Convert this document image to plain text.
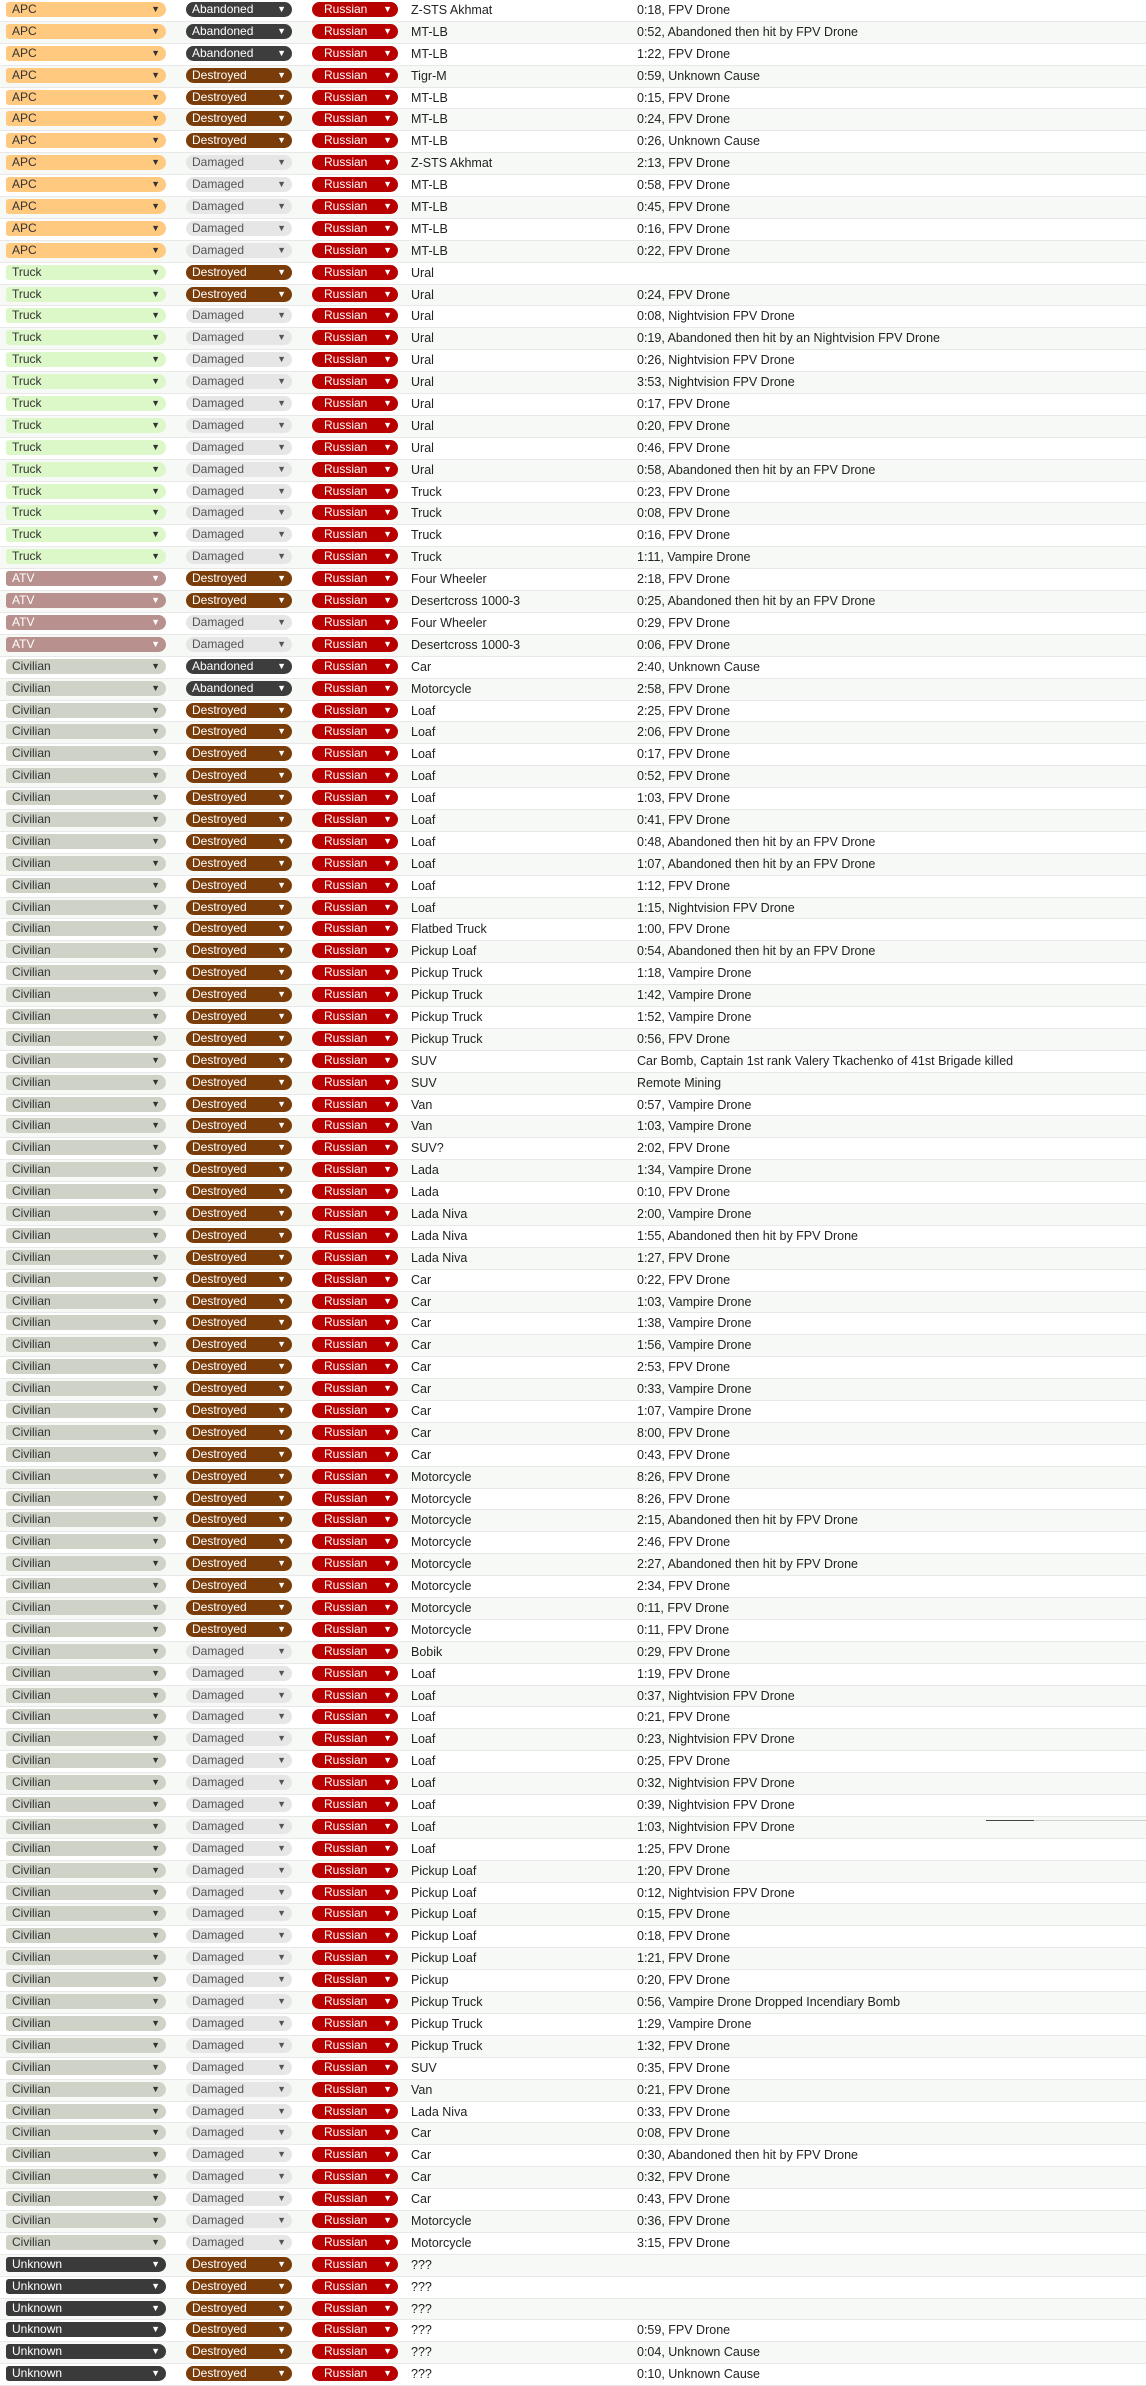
APC	▼	Abandoned	▼	Russian ▼ Z-STS Akhmat	0:18, FPV Drone
APC	▼	Abandoned	▼	Russian ▼ MT-LB	0:52, Abandoned then hit by FPV Drone
APC	▼	Abandoned	▼	Russian ▼ MT-LB	1:22, FPV Drone
APC	▼	Destroyed	▼	Russian ▼ Tigr-M	0:59, Unknown Cause
APC	▼	Destroyed	▼	Russian ▼ MT-LB	0:15, FPV Drone
APC	▼	Destroyed	▼	Russian ▼ MT-LB	0:24, FPV Drone
APC	▼	Destroyed	▼	Russian ▼ MT-LB	0:26, Unknown Cause
APC	▼	Damaged	▼	Russian ▼ Z-STS Akhmat	2:13, FPV Drone
APC	▼	Damaged	▼	Russian ▼ MT-LB	0:58, FPV Drone
APC	▼	Damaged	▼	Russian ▼ MT-LB	0:45, FPV Drone
APC	▼	Damaged	▼	Russian ▼ MT-LB	0:16, FPV Drone
APC	▼	Damaged	▼	Russian ▼ MT-LB	0:22, FPV Drone
Truck	▼	Destroyed	▼	Russian ▼ Ural
Truck	▼	Destroyed	▼	Russian ▼ Ural	0:24, FPV Drone
Truck	▼	Damaged	▼	Russian ▼ Ural	0:08, Nightvision FPV Drone
Truck	▼	Damaged	▼	Russian ▼ Ural	0:19, Abandoned then hit by an Nightvision FPV Drone
Truck	▼	Damaged	▼	Russian ▼ Ural	0:26, Nightvision FPV Drone
Truck	▼	Damaged	▼	Russian ▼ Ural	3:53, Nightvision FPV Drone
Truck	▼	Damaged	▼	Russian ▼ Ural	0:17, FPV Drone
Truck	▼	Damaged	▼	Russian ▼ Ural	0:20, FPV Drone
Truck	▼	Damaged	▼	Russian ▼ Ural	0:46, FPV Drone
Truck	▼	Damaged	▼	Russian ▼ Ural	0:58, Abandoned then hit by an FPV Drone
Truck	▼	Damaged	▼	Russian ▼ Truck	0:23, FPV Drone
Truck	▼	Damaged	▼	Russian ▼ Truck	0:08, FPV Drone
Truck	▼	Damaged	▼	Russian ▼ Truck	0:16, FPV Drone
Truck	▼	Damaged	▼	Russian ▼ Truck	1:11, Vampire Drone
ATV	▼	Destroyed	▼	Russian ▼ Four Wheeler	2:18, FPV Drone
ATV	▼	Destroyed	▼	Russian ▼ Desertcross 1000-3	0:25, Abandoned then hit by an FPV Drone
ATV	▼	Damaged	▼	Russian ▼ Four Wheeler	0:29, FPV Drone
ATV	▼	Damaged	▼	Russian ▼ Desertcross 1000-3	0:06, FPV Drone
Civilian	▼	Abandoned	▼	Russian ▼ Car	2:40, Unknown Cause
Civilian	▼	Abandoned	▼	Russian ▼ Motorcycle	2:58, FPV Drone
Civilian	▼	Destroyed	▼	Russian ▼ Loaf	2:25, FPV Drone
Civilian	▼	Destroyed	▼	Russian ▼ Loaf	2:06, FPV Drone
Civilian	▼	Destroyed	▼	Russian ▼ Loaf	0:17, FPV Drone
Civilian	▼	Destroyed	▼	Russian ▼ Loaf	0:52, FPV Drone
Civilian	▼	Destroyed	▼	Russian ▼ Loaf	1:03, FPV Drone
Civilian	▼	Destroyed	▼	Russian ▼ Loaf	0:41, FPV Drone
Civilian	▼	Destroyed	▼	Russian ▼ Loaf	0:48, Abandoned then hit by an FPV Drone
Civilian	▼	Destroyed	▼	Russian ▼ Loaf	1:07, Abandoned then hit by an FPV Drone
Civilian	▼	Destroyed	▼	Russian ▼ Loaf	1:12, FPV Drone
Civilian	▼	Destroyed	▼	Russian ▼ Loaf	1:15, Nightvision FPV Drone
Civilian	▼	Destroyed	▼	Russian ▼ Flatbed Truck	1:00, FPV Drone
Civilian	▼	Destroyed	▼	Russian ▼ Pickup Loaf	0:54, Abandoned then hit by an FPV Drone
Civilian	▼	Destroyed	▼	Russian ▼ Pickup Truck	1:18, Vampire Drone
Civilian	▼	Destroyed	▼	Russian ▼ Pickup Truck	1:42, Vampire Drone
Civilian	▼	Destroyed	▼	Russian ▼ Pickup Truck	1:52, Vampire Drone
Civilian	▼	Destroyed	▼	Russian ▼ Pickup Truck	0:56, FPV Drone
Civilian	▼	Destroyed	▼	Russian ▼ SUV	Car Bomb, Captain 1st rank Valery Tkachenko of 41st Brigade killed
Civilian	▼	Destroyed	▼	Russian ▼ SUV	Remote Mining
Civilian	▼	Destroyed	▼	Russian ▼ Van	0:57, Vampire Drone
Civilian	▼	Destroyed	▼	Russian ▼ Van	1:03, Vampire Drone
Civilian	▼	Destroyed	▼	Russian ▼ SUV?	2:02, FPV Drone
Civilian	▼	Destroyed	▼	Russian ▼ Lada	1:34, Vampire Drone
Civilian	▼	Destroyed	▼	Russian ▼ Lada	0:10, FPV Drone
Civilian	▼	Destroyed	▼	Russian ▼ Lada Niva	2:00, Vampire Drone
Civilian	▼	Destroyed	▼	Russian ▼ Lada Niva	1:55, Abandoned then hit by FPV Drone
Civilian	▼	Destroyed	▼	Russian ▼ Lada Niva	1:27, FPV Drone
Civilian	▼	Destroyed	▼	Russian ▼ Car	0:22, FPV Drone
Civilian	▼	Destroyed	▼	Russian ▼ Car	1:03, Vampire Drone
Civilian	▼	Destroyed	▼	Russian ▼ Car	1:38, Vampire Drone
Civilian	▼	Destroyed	▼	Russian ▼ Car	1:56, Vampire Drone
Civilian	▼	Destroyed	▼	Russian ▼ Car	2:53, FPV Drone
Civilian	▼	Destroyed	▼	Russian ▼ Car	0:33, Vampire Drone
Civilian	▼	Destroyed	▼	Russian ▼ Car	1:07, Vampire Drone
Civilian	▼	Destroyed	▼	Russian ▼ Car	8:00, FPV Drone
Civilian	▼	Destroyed	▼	Russian ▼ Car	0:43, FPV Drone
Civilian	▼	Destroyed	▼	Russian ▼ Motorcycle	8:26, FPV Drone
Civilian	▼	Destroyed	▼	Russian ▼ Motorcycle	8:26, FPV Drone
Civilian	▼	Destroyed	▼	Russian ▼ Motorcycle	2:15, Abandoned then hit by FPV Drone
Civilian	▼	Destroyed	▼	Russian ▼ Motorcycle	2:46, FPV Drone
Civilian	▼	Destroyed	▼	Russian ▼ Motorcycle	2:27, Abandoned then hit by FPV Drone
Civilian	▼	Destroyed	▼	Russian ▼ Motorcycle	2:34, FPV Drone
Civilian	▼	Destroyed	▼	Russian ▼ Motorcycle	0:11, FPV Drone
Civilian	▼	Destroyed	▼	Russian ▼ Motorcycle	0:11, FPV Drone
Civilian	▼	Damaged	▼	Russian ▼ Bobik	0:29, FPV Drone
Civilian	▼	Damaged	▼	Russian ▼ Loaf	1:19, FPV Drone
Civilian	▼	Damaged	▼	Russian ▼ Loaf	0:37, Nightvision FPV Drone
Civilian	▼	Damaged	▼	Russian ▼ Loaf	0:21, FPV Drone
Civilian	▼	Damaged	▼	Russian ▼ Loaf	0:23, Nightvision FPV Drone
Civilian	▼	Damaged	▼	Russian ▼ Loaf	0:25, FPV Drone
Civilian	▼	Damaged	▼	Russian ▼ Loaf	0:32, Nightvision FPV Drone
Civilian	▼	Damaged	▼	Russian ▼ Loaf	0:39, Nightvision FPV Drone
Civilian	▼	Damaged	▼	Russian ▼ Loaf	1:03, Nightvision FPV Drone
Civilian	▼	Damaged	▼	Russian ▼ Loaf	1:25, FPV Drone
Civilian	▼	Damaged	▼	Russian ▼ Pickup Loaf	1:20, FPV Drone
Civilian	▼	Damaged	▼	Russian ▼ Pickup Loaf	0:12, Nightvision FPV Drone
Civilian	▼	Damaged	▼	Russian ▼ Pickup Loaf	0:15, FPV Drone
Civilian	▼	Damaged	▼	Russian ▼ Pickup Loaf	0:18, FPV Drone
Civilian	▼	Damaged	▼	Russian ▼ Pickup Loaf	1:21, FPV Drone
Civilian	▼	Damaged	▼	Russian ▼ Pickup	0:20, FPV Drone
Civilian	▼	Damaged	▼	Russian ▼ Pickup Truck	0:56, Vampire Drone Dropped Incendiary Bomb
Civilian	▼	Damaged	▼	Russian ▼ Pickup Truck	1:29, Vampire Drone
Civilian	▼	Damaged	▼	Russian ▼ Pickup Truck	1:32, FPV Drone
Civilian	▼	Damaged	▼	Russian ▼ SUV	0:35, FPV Drone
Civilian	▼	Damaged	▼	Russian ▼ Van	0:21, FPV Drone
Civilian	▼	Damaged	▼	Russian ▼ Lada Niva	0:33, FPV Drone
Civilian	▼	Damaged	▼	Russian ▼ Car	0:08, FPV Drone
Civilian	▼	Damaged	▼	Russian ▼ Car	0:30, Abandoned then hit by FPV Drone
Civilian	▼	Damaged	▼	Russian ▼ Car	0:32, FPV Drone
Civilian	▼	Damaged	▼	Russian ▼ Car	0:43, FPV Drone
Civilian	▼	Damaged	▼	Russian ▼ Motorcycle	0:36, FPV Drone
Civilian	▼	Damaged	▼	Russian ▼ Motorcycle	3:15, FPV Drone
Unknown	▼	Destroyed	▼	Russian ▼ ???
Unknown	▼	Destroyed	▼	Russian ▼ ???
Unknown	▼	Destroyed	▼	Russian ▼ ???
Unknown	▼	Destroyed	▼	Russian ▼ ???	0:59, FPV Drone
Unknown	▼	Destroyed	▼	Russian ▼ ???	0:04, Unknown Cause
Unknown	▼	Destroyed	▼	Russian ▼ ???	0:10, Unknown Cause
